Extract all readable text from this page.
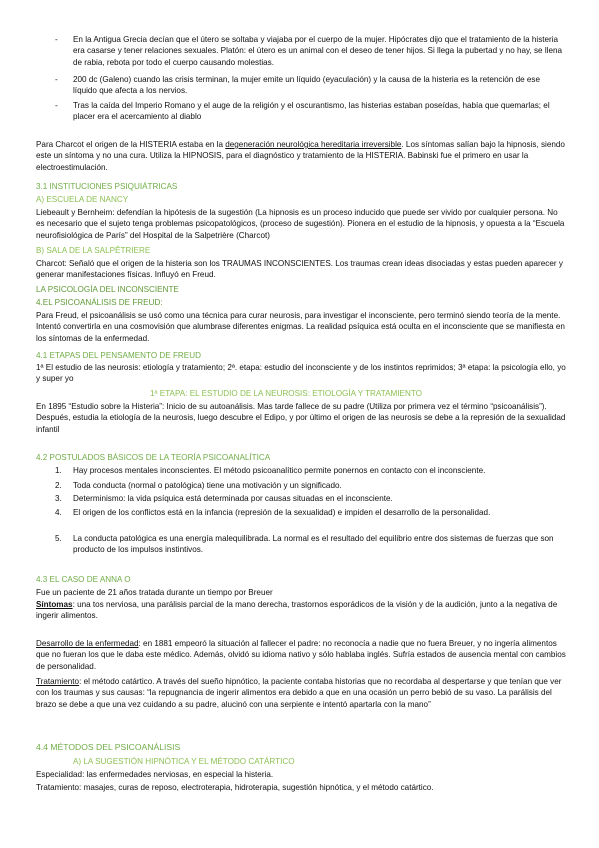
- En la Antigua Grecia decían que el útero se soltaba y viajaba por el cuerpo de la mujer. Hipócrates dijo que el tratamiento de la histeria era casarse y tener relaciones sexuales. Platón: el útero es un animal con el deseo de tener hijos. Si llega la pubertad y no hay, se llena de rabia, rebota por todo el cuerpo causando molestias.

- 200 dc (Galeno) cuando las crisis terminan, la mujer emite un líquido (eyaculación) y la causa de la histeria es la retención de ese líquido que afecta a los nervios.

- Tras la caída del Imperio Romano y el auge de la religión y el oscurantismo, las histerias estaban poseídas, había que quemarlas; el placer era el acercamiento al diablo

Para Charcot el origen de la HISTERIA estaba en la degeneración neurológica hereditaria irreversible. Los síntomas salían bajo la hipnosis, siendo este un síntoma y no una cura. Utiliza la HIPNOSIS, para el diagnóstico y tratamiento de la HISTERIA. Babinski fue el primero en usar la electroestimulación.

3.1 INSTITUCIONES PSIQUIÁTRICAS

A) ESCUELA DE NANCY

Liebeault y Bernheim: defendían la hipótesis de la sugestión (La hipnosis es un proceso inducido que puede ser vivido por cualquier persona. No es necesario que el sujeto tenga problemas psicopatológicos, (proceso de sugestión). Pionera en el estudio de la hipnosis, y opuesta a la “Escuela neurofisiológica de París” del Hospital de la Salpetrière (Charcot)

B) SALA DE LA SALPÊTRIERE

Charcot: Señaló que el origen de la histeria son los TRAUMAS INCONSCIENTES. Los traumas crean ideas disociadas y estas pueden aparecer y generar manifestaciones físicas. Influyó en Freud.

LA PSICOLOGÍA DEL INCONSCIENTE

4.EL PSICOANÁLISIS DE FREUD:

Para Freud, el psicoanálisis se usó como una técnica para curar neurosis, para investigar el inconsciente, pero terminó siendo teoría de la mente. Intentó convertirla en una cosmovisión que alumbrase diferentes enigmas. La realidad psíquica está oculta en el inconsciente que se manifiesta en los síntomas de la enfermedad.

4.1 ETAPAS DEL PENSAMENTO DE FREUD

1ª El estudio de las neurosis: etiología y tratamiento; 2ª. etapa: estudio del inconsciente y de los instintos reprimidos; 3ª etapa: la psicología ello, yo y super yo

1ª ETAPA: EL ESTUDIO DE LA NEUROSIS: ETIOLOGÍA Y TRATAMIENTO

En 1895 “Estudio sobre la Histeria”: Inicio de su autoanálisis. Mas tarde fallece de su padre (Utiliza por primera vez el término “psicoanálisis”). Después, estudia la etiología de la neurosis, luego descubre el Edipo, y por último el origen de las neurosis se debe a la represión de la sexualidad infantil

4.2 POSTULADOS BÁSICOS DE LA TEORÍA PSICOANALÍTICA

1. Hay procesos mentales inconscientes. El método psicoanalítico permite ponernos en contacto con el inconsciente.

2. Toda conducta (normal o patológica) tiene una motivación y un significado.

3. Determinismo: la vida psíquica está determinada por causas situadas en el inconsciente.

4. El origen de los conflictos está en la infancia (represión de la sexualidad) e impiden el desarrollo de la personalidad.

5. La conducta patológica es una energía malequilibrada. La normal es el resultado del equilibrio entre dos sistemas de fuerzas que son producto de los impulsos instintivos.

4.3 EL CASO DE ANNA O

Fue un paciente de 21 años tratada durante un tiempo por Breuer

Síntomas: una tos nerviosa, una parálisis parcial de la mano derecha, trastornos esporádicos de la visión y de la audición, junto a la negativa de ingerir alimentos.

Desarrollo de la enfermedad: en 1881 empeoró la situación al fallecer el padre: no reconocía a nadie que no fuera Breuer, y no ingería alimentos que no fueran los que le daba este médico. Además, olvidó su idioma nativo y sólo hablaba inglés. Sufría estados de ausencia mental con cambios de personalidad.

Tratamiento: el método catártico. A través del sueño hipnótico, la paciente contaba historias que no recordaba al despertarse y que tenían que ver con los traumas y sus causas: “la repugnancia de ingerir alimentos era debido a que en una ocasión un perro bebió de su vaso. La parálisis del brazo se debe a que una vez cuidando a su padre, alucinó con una serpiente e intentó apartarla con la mano”

4.4 MÉTODOS DEL PSICOANÁLISIS

A) LA SUGESTIÓN HIPNÓTICA Y EL MÉTODO CATÁRTICO

Especialidad: las enfermedades nerviosas, en especial la histeria.

Tratamiento: masajes, curas de reposo, electroterapia, hidroterapia, sugestión hipnótica, y el método catártico.
